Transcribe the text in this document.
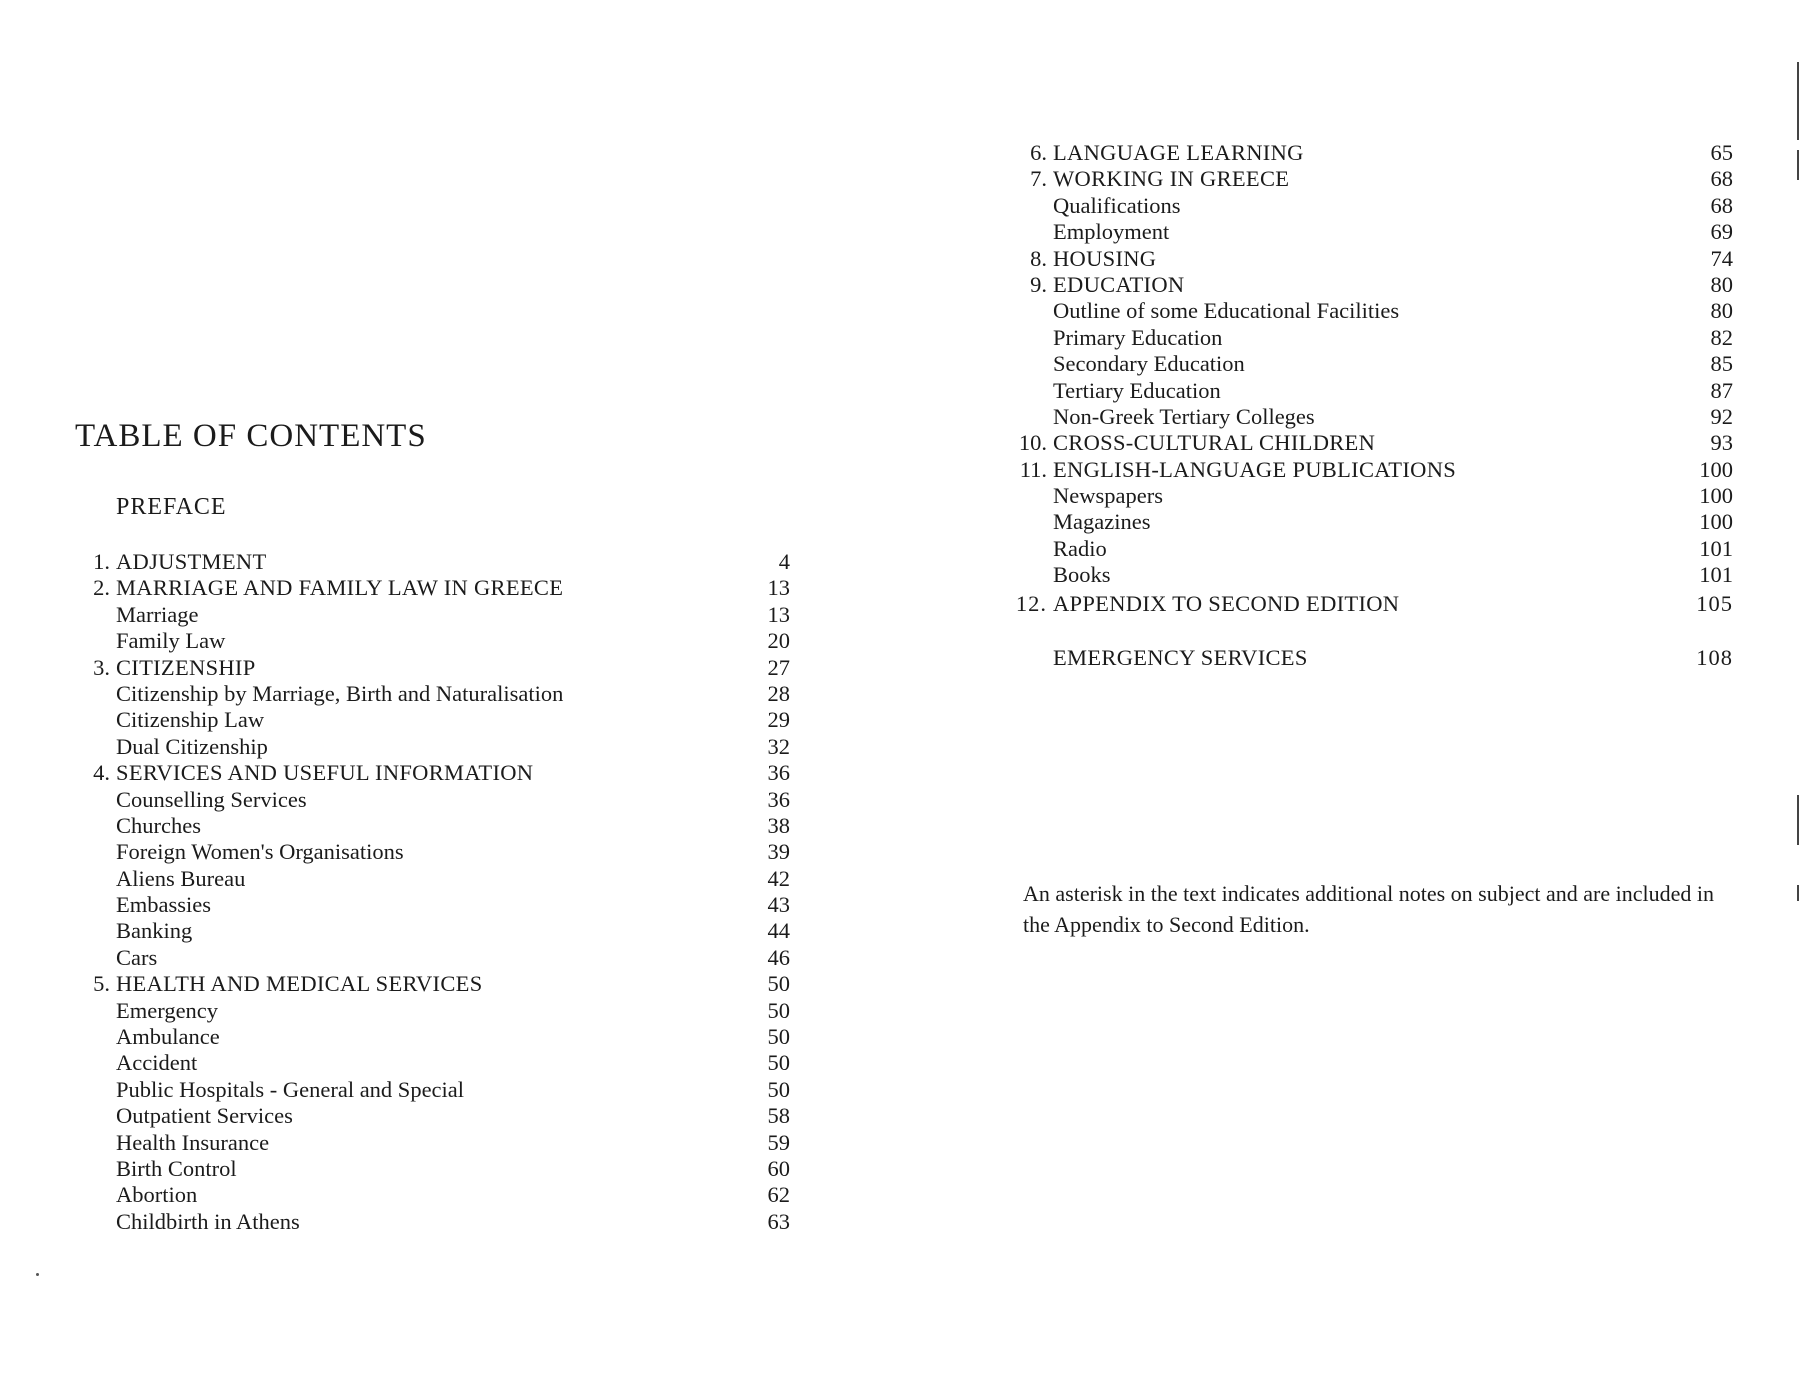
TABLE OF CONTENTS
PREFACE
1. ADJUSTMENT	4
2. MARRIAGE AND FAMILY LAW IN GREECE	13
Marriage	13
Family Law	20
3. CITIZENSHIP	27
Citizenship by Marriage, Birth and Naturalisation	28
Citizenship Law	29
Dual Citizenship	32
4. SERVICES AND USEFUL INFORMATION	36
Counselling Services	36
Churches	38
Foreign Women's Organisations	39
Aliens Bureau	42
Embassies	43
Banking	44
Cars	46
5. HEALTH AND MEDICAL SERVICES	50
Emergency	50
Ambulance	50
Accident	50
Public Hospitals - General and Special	50
Outpatient Services	58
Health Insurance	59
Birth Control	60
Abortion	62
Childbirth in Athens	63
6. LANGUAGE LEARNING	65
7. WORKING IN GREECE	68
Qualifications	68
Employment	69
8. HOUSING	74
9. EDUCATION	80
Outline of some Educational Facilities	80
Primary Education	82
Secondary Education	85
Tertiary Education	87
Non-Greek Tertiary Colleges	92
10. CROSS-CULTURAL CHILDREN	93
11. ENGLISH-LANGUAGE PUBLICATIONS	100
Newspapers	100
Magazines	100
Radio	101
Books	101
12. APPENDIX TO SECOND EDITION	105
EMERGENCY SERVICES	108
An asterisk in the text indicates additional notes on subject and are included in the Appendix to Second Edition.
